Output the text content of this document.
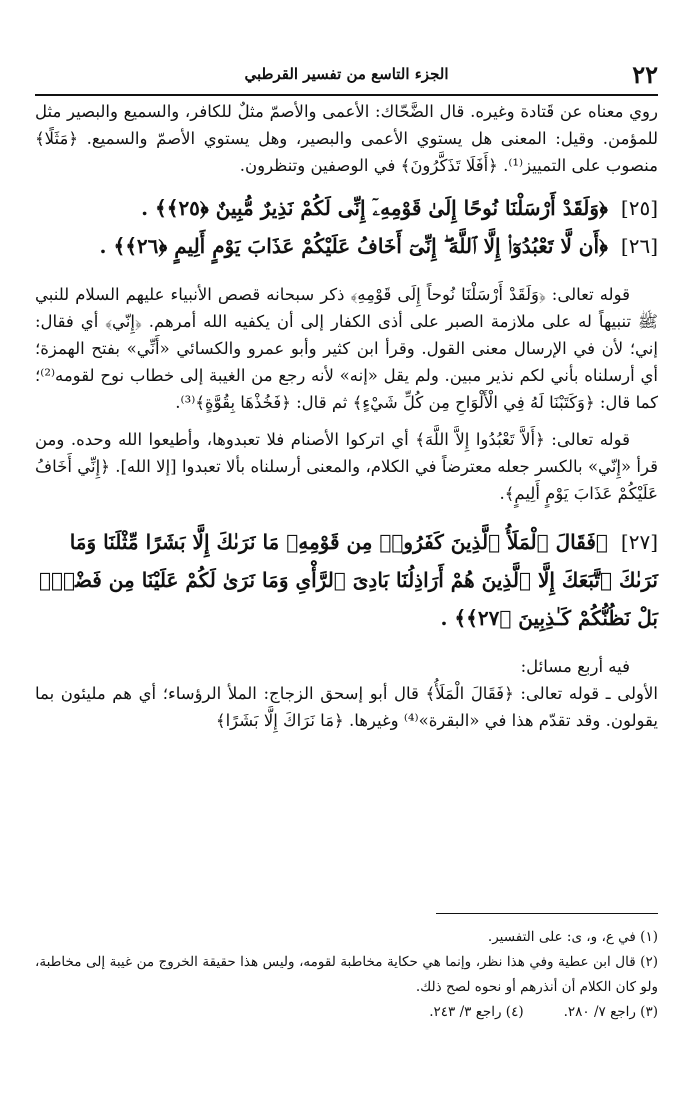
٢٢
الجزء التاسع من تفسير القرطبي

روي معناه عن قَتادة وغيره. قال الضَّحّاك: الأعمى والأصمّ مثلٌ للكافر، والسميع والبصير مثل للمؤمن. وقيل: المعنى هل يستوي الأعمى والبصير، وهل يستوي الأصمّ والسميع. ﴿مَثَلًا﴾ منصوب على التمييز⁽¹⁾. ﴿أَفَلَا تَذَكَّرُونَ﴾ في الوصفين وتنظرون.

[٢٥] ﴿وَلَقَدْ أَرْسَلْنَا نُوحًا إِلَىٰ قَوْمِهِۦٓ إِنِّى لَكُمْ نَذِيرٌ مُّبِينٌ ﴿٢٥﴾﴾ .

[٢٦] ﴿أَن لَّا تَعْبُدُوٓا۟ إِلَّا ٱللَّهَ ۖ إِنِّىٓ أَخَافُ عَلَيْكُمْ عَذَابَ يَوْمٍ أَلِيمٍ ﴿٢٦﴾﴾ .

قوله تعالى: ﴿وَلَقَدْ أَرْسَلْنَا نُوحاً إِلَى قَوْمِهِ﴾ ذكر سبحانه قصص الأنبياء عليهم السلام للنبي ﷺ تنبيهاً له على ملازمة الصبر على أذى الكفار إلى أن يكفيه الله أمرهم. ﴿إِنّي﴾ أي فقال: إني؛ لأن في الإرسال معنى القول. وقرأ ابن كثير وأبو عمرو والكسائي «أَنِّي» بفتح الهمزة؛ أي أرسلناه بأني لكم نذير مبين. ولم يقل «إنه» لأنه رجع من الغيبة إلى خطاب نوح لقومه⁽²⁾؛ كما قال: ﴿وَكَتَبْنَا لَهُ فِي الْأَلْوَاحِ مِن كُلِّ شَيْءٍ﴾ ثم قال: ﴿فَخُذْهَا بِقُوَّةٍ﴾⁽³⁾.

قوله تعالى: ﴿أَلاَّ تَعْبُدُوا إِلاَّ اللَّهَ﴾ أي اتركوا الأصنام فلا تعبدوها، وأطيعوا الله وحده. ومن قرأ «إِنّي» بالكسر جعله معترضاً في الكلام، والمعنى أرسلناه بألا تعبدوا [إلا الله]. ﴿إِنِّي أَخَافُ عَلَيْكُمْ عَذَابَ يَوْمٍ أَلِيمٍ﴾.

[٢٧] ﴿فَقَالَ ٱلْمَلَأُ ٱلَّذِينَ كَفَرُوا۟ مِن قَوْمِهِۦ مَا نَرَىٰكَ إِلَّا بَشَرًا مِّثْلَنَا وَمَا نَرَىٰكَ ٱتَّبَعَكَ إِلَّا ٱلَّذِينَ هُمْ أَرَاذِلُنَا بَادِىَ ٱلرَّأْىِ وَمَا نَرَىٰ لَكُمْ عَلَيْنَا مِن فَضْلٍۭ بَلْ نَظُنُّكُمْ كَـٰذِبِينَ ﴿٢٧﴾﴾ .

فيه أربع مسائل:

الأولى ـ قوله تعالى: ﴿فَقَالَ الْمَلَأُ﴾ قال أبو إسحق الزجاج: الملأ الرؤساء؛ أي هم مليئون بما يقولون. وقد تقدّم هذا في «البقرة»⁽⁴⁾ وغيرها. ﴿مَا نَرَاكَ إِلَّا بَشَرًا﴾

(١) في ع، و، ى: على التفسير.

(٢) قال ابن عطية وفي هذا نظر، وإنما هي حكاية مخاطبة لقومه، وليس هذا حقيقة الخروج من غيبة إلى مخاطبة، ولو كان الكلام أن أنذرهم أو نحوه لصح ذلك.

(٣) راجع ٧/ ٢٨٠.

(٤) راجع ٣/ ٢٤٣.
